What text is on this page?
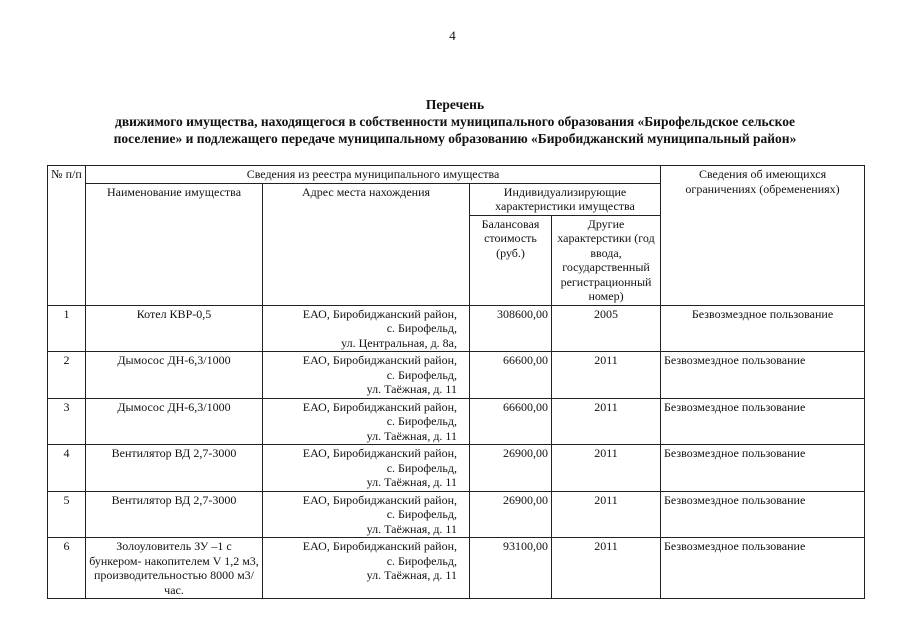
4
Перечень
движимого имущества, находящегося в собственности муниципального образования «Бирофельдское сельское
поселение» и подлежащего передаче муниципальному образованию «Биробиджанский муниципальный район»
№ п/п	Сведения из реестра муниципального имущества				Сведения об имеющихся ограничениях (обременениях)
	Наименование имущества	Адрес места нахождения	Индивидуализирующие характеристики имущества		
			Балансовая стоимость (руб.)	Другие характерстики (год ввода, государственный регистрационный номер)	
1	Котел КВР-0,5	ЕАО, Биробиджанский район,
с. Бирофельд,
ул. Центральная, д. 8а,	308600,00	2005	Безвозмездное пользование
2	Дымосос ДН-6,3/1000	ЕАО, Биробиджанский район,
с. Бирофельд,
ул. Таёжная, д. 11	66600,00	2011	Безвозмездное пользование
3	Дымосос ДН-6,3/1000	ЕАО, Биробиджанский район,
с. Бирофельд,
ул. Таёжная, д. 11	66600,00	2011	Безвозмездное пользование
4	Вентилятор ВД 2,7-3000	ЕАО, Биробиджанский район,
с. Бирофельд,
ул. Таёжная, д. 11	26900,00	2011	Безвозмездное пользование
5	Вентилятор ВД 2,7-3000	ЕАО, Биробиджанский район,
с. Бирофельд,
ул. Таёжная, д. 11	26900,00	2011	Безвозмездное пользование
6	Золоуловитель ЗУ –1 с бункером- накопителем V 1,2 м3, производительностью 8000 м3/час.	ЕАО, Биробиджанский район,
с. Бирофельд,
ул. Таёжная, д. 11	93100,00	2011	Безвозмездное пользование
